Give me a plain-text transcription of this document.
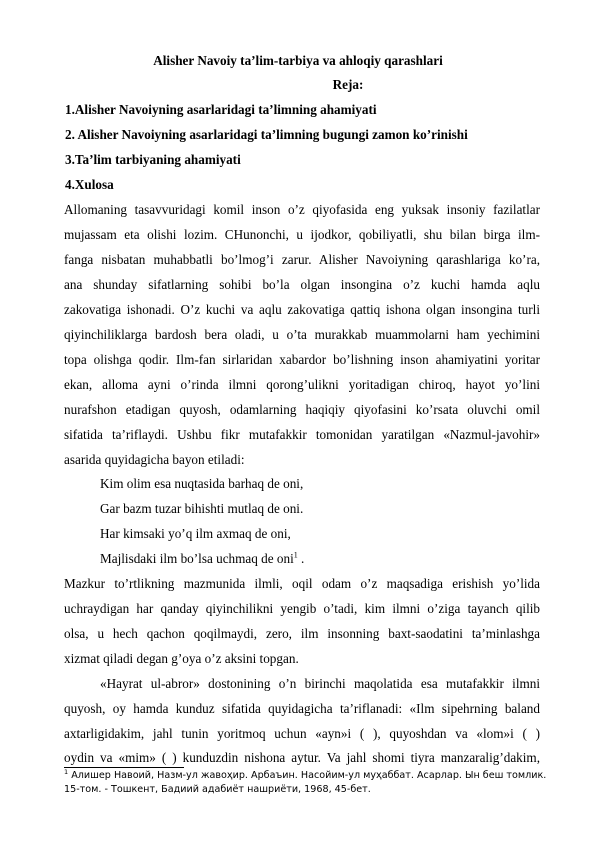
Alisher Navoiy ta’lim-tarbiya va ahloqiy qarashlari
Reja:
1.Alisher Navoiyning asarlaridagi ta’limning ahamiyati
2. Alisher Navoiyning asarlaridagi ta’limning bugungi zamon ko’rinishi
3.Ta’lim tarbiyaning ahamiyati
4.Xulosa
Allomaning tasavvuridagi komil inson o’z qiyofasida eng yuksak insoniy fazilatlar
mujassam eta olishi lozim. CHunonchi, u ijodkor, qobiliyatli, shu bilan birga ilm-
fanga nisbatan muhabbatli bo’lmog’i zarur. Alisher Navoiyning qarashlariga ko’ra,
ana shunday sifatlarning sohibi bo’la olgan insongina o’z kuchi hamda aqlu
zakovatiga ishonadi. O’z kuchi va aqlu zakovatiga qattiq ishona olgan insongina turli
qiyinchiliklarga bardosh bera oladi, u o’ta murakkab muammolarni ham yechimini
topa olishga qodir. Ilm-fan sirlaridan xabardor bo’lishning inson ahamiyatini yoritar
ekan, alloma ayni o’rinda ilmni qorong’ulikni yoritadigan chiroq, hayot yo’lini
nurafshon etadigan quyosh, odamlarning haqiqiy qiyofasini ko’rsata oluvchi omil
sifatida ta’riflaydi. Ushbu fikr mutafakkir tomonidan yaratilgan «Nazmul-javohir»
asarida quyidagicha bayon etiladi:
Kim olim esa nuqtasida barhaq de oni,
Gar bazm tuzar bihishti mutlaq de oni.
Har kimsaki yo’q ilm axmaq de oni,
Majlisdaki ilm bo’lsa uchmaq de oni$^1$ .
Mazkur to’rtlikning mazmunida ilmli, oqil odam o’z maqsadiga erishish yo’lida
uchraydigan har qanday qiyinchilikni yengib o’tadi, kim ilmni o’ziga tayanch qilib
olsa, u hech qachon qoqilmaydi, zero, ilm insonning baxt-saodatini ta’minlashga
xizmat qiladi degan g’oya o’z aksini topgan.
«Hayrat ul-abror» dostonining o’n birinchi maqolatida esa mutafakkir ilmni
quyosh, oy hamda kunduz sifatida quyidagicha ta’riflanadi: «Ilm sipehrning baland
axtarligidakim, jahl tunin yoritmoq uchun «ayn»i ( ), quyoshdan va «lom»i ( )
oydin va «mim» ( ) kunduzdin nishona aytur. Va jahl shomi tiyra manzaralig’dakim,
$^1$ Алишер Навоий, Назм-ул жавоҳир. Арбаъин. Насойим-ул муҳаббат. Асарлар. Ын беш томлик.
15-том. - Тошкент, Бадиий адабиёт нашриёти, 1968, 45-бет.
